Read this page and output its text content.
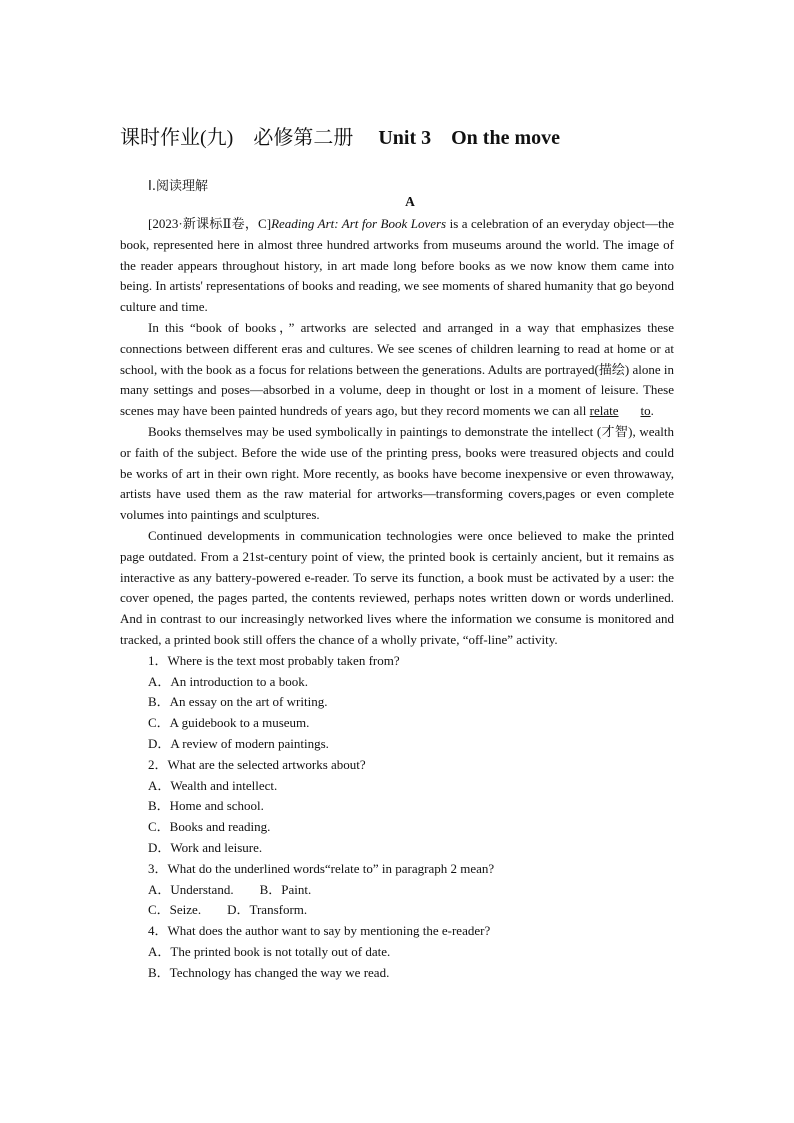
课时作业(九)　必修第二册　 Unit 3　 On the move
Ⅰ.阅读理解
A

[2023·新课标Ⅱ卷，C]Reading Art: Art for Book Lovers is a celebration of an everyday object—the book, represented here in almost three hundred artworks from museums around the world. The image of the reader appears throughout history, in art made long before books as we now know them came into being. In artists' representations of books and reading, we see moments of shared humanity that go beyond culture and time.

In this “book of books，” artworks are selected and arranged in a way that emphasizes these connections between different eras and cultures. We see scenes of children learning to read at home or at school, with the book as a focus for relations between the generations. Adults are portrayed(描绘) alone in many settings and poses—absorbed in a volume, deep in thought or lost in a moment of leisure. These scenes may have been painted hundreds of years ago, but they record moments we can all relate to.

Books themselves may be used symbolically in paintings to demonstrate the intellect (才智), wealth or faith of the subject. Before the wide use of the printing press, books were treasured objects and could be works of art in their own right. More recently, as books have become inexpensive or even throwaway, artists have used them as the raw material for artworks—transforming covers,pages or even complete volumes into paintings and sculptures.

Continued developments in communication technologies were once believed to make the printed page outdated. From a 21st-century point of view, the printed book is certainly ancient, but it remains as interactive as any battery-powered e-reader. To serve its function, a book must be activated by a user: the cover opened, the pages parted, the contents reviewed, perhaps notes written down or words underlined. And in contrast to our increasingly networked lives where the information we consume is monitored and tracked, a printed book still offers the chance of a wholly private, “off-line” activity.

1．Where is the text most probably taken from?

A．An introduction to a book.

B．An essay on the art of writing.

C．A guidebook to a museum.

D．A review of modern paintings.

2．What are the selected artworks about?

A．Wealth and intellect.

B．Home and school.

C．Books and reading.

D．Work and leisure.

3．What do the underlined words“relate to” in paragraph 2 mean?

A．Understand.　　 B．Paint.

C．Seize.　　 D．Transform.

4．What does the author want to say by mentioning the e-reader?

A．The printed book is not totally out of date.

B．Technology has changed the way we read.
